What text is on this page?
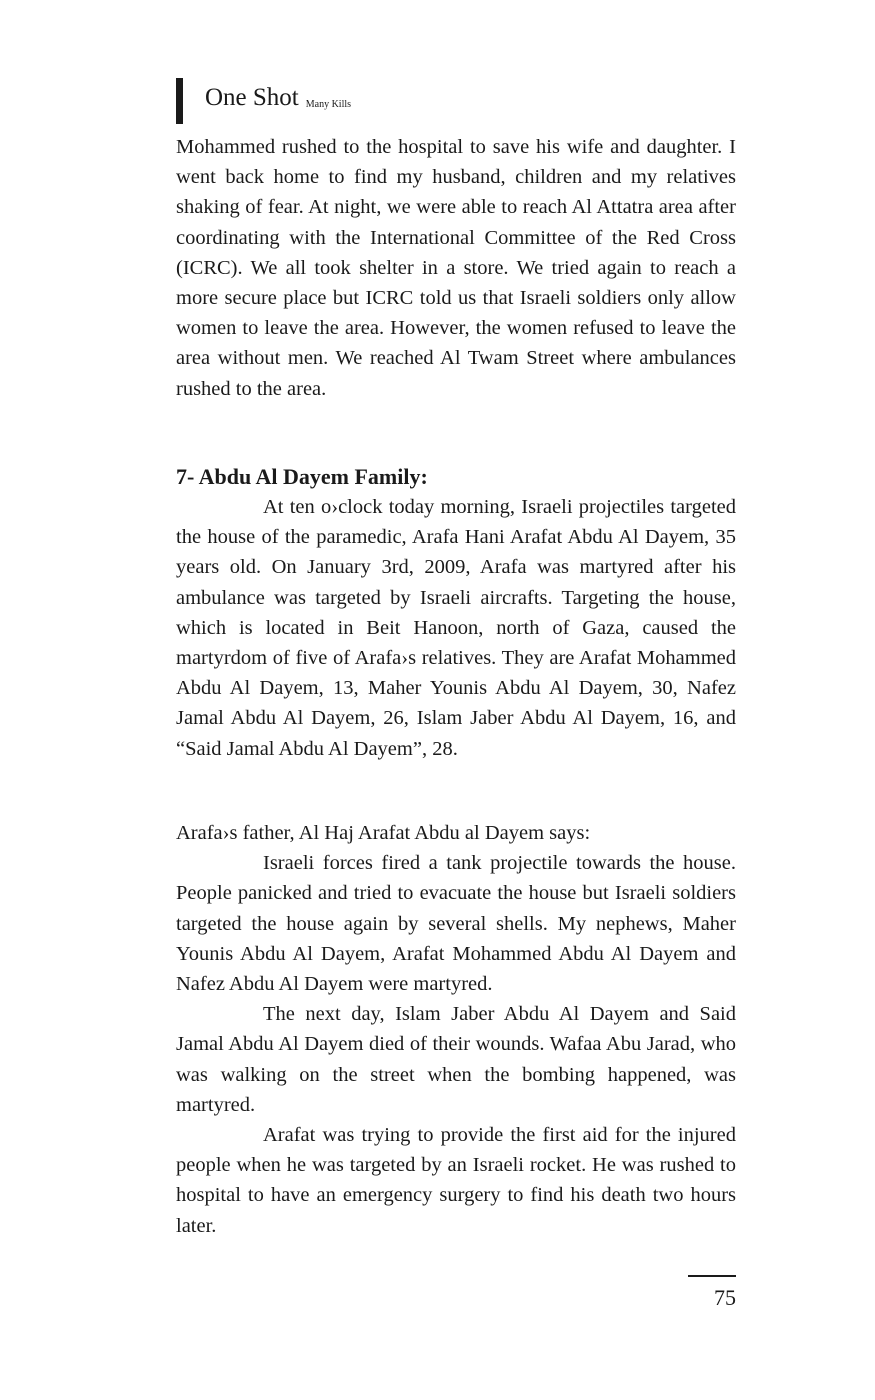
One Shot Many Kills

Mohammed rushed to the hospital to save his wife and daughter. I went back home to find my husband, children and my relatives shaking of fear. At night, we were able to reach Al Attatra area after coordinating with the International Committee of the Red Cross (ICRC). We all took shelter in a store. We tried again to reach a more secure place but ICRC told us that Israeli soldiers only allow women to leave the area. However, the women refused to leave the area without men. We reached Al Twam Street where ambulances rushed to the area.

7- Abdu Al Dayem Family:

At ten o›clock today morning, Israeli projectiles targeted the house of the paramedic, Arafa Hani Arafat Abdu Al Dayem, 35 years old. On January 3rd, 2009, Arafa was martyred after his ambulance was targeted by Israeli aircrafts. Targeting the house, which is located in Beit Hanoon, north of Gaza, caused the martyrdom of five of Arafa›s relatives. They are Arafat Mohammed Abdu Al Dayem, 13, Maher Younis Abdu Al Dayem, 30, Nafez Jamal Abdu Al Dayem, 26, Islam Jaber Abdu Al Dayem, 16, and “Said Jamal Abdu Al Dayem”, 28.

Arafa›s father, Al Haj Arafat Abdu al Dayem says:

Israeli forces fired a tank projectile towards the house. People panicked and tried to evacuate the house but Israeli soldiers targeted the house again by several shells. My nephews, Maher Younis Abdu Al Dayem, Arafat Mohammed Abdu Al Dayem and Nafez Abdu Al Dayem were martyred.

The next day, Islam Jaber Abdu Al Dayem and Said Jamal Abdu Al Dayem died of their wounds. Wafaa Abu Jarad, who was walking on the street when the bombing happened, was martyred.

Arafat was trying to provide the first aid for the injured people when he was targeted by an Israeli rocket. He was rushed to hospital to have an emergency surgery to find his death two hours later.

75
